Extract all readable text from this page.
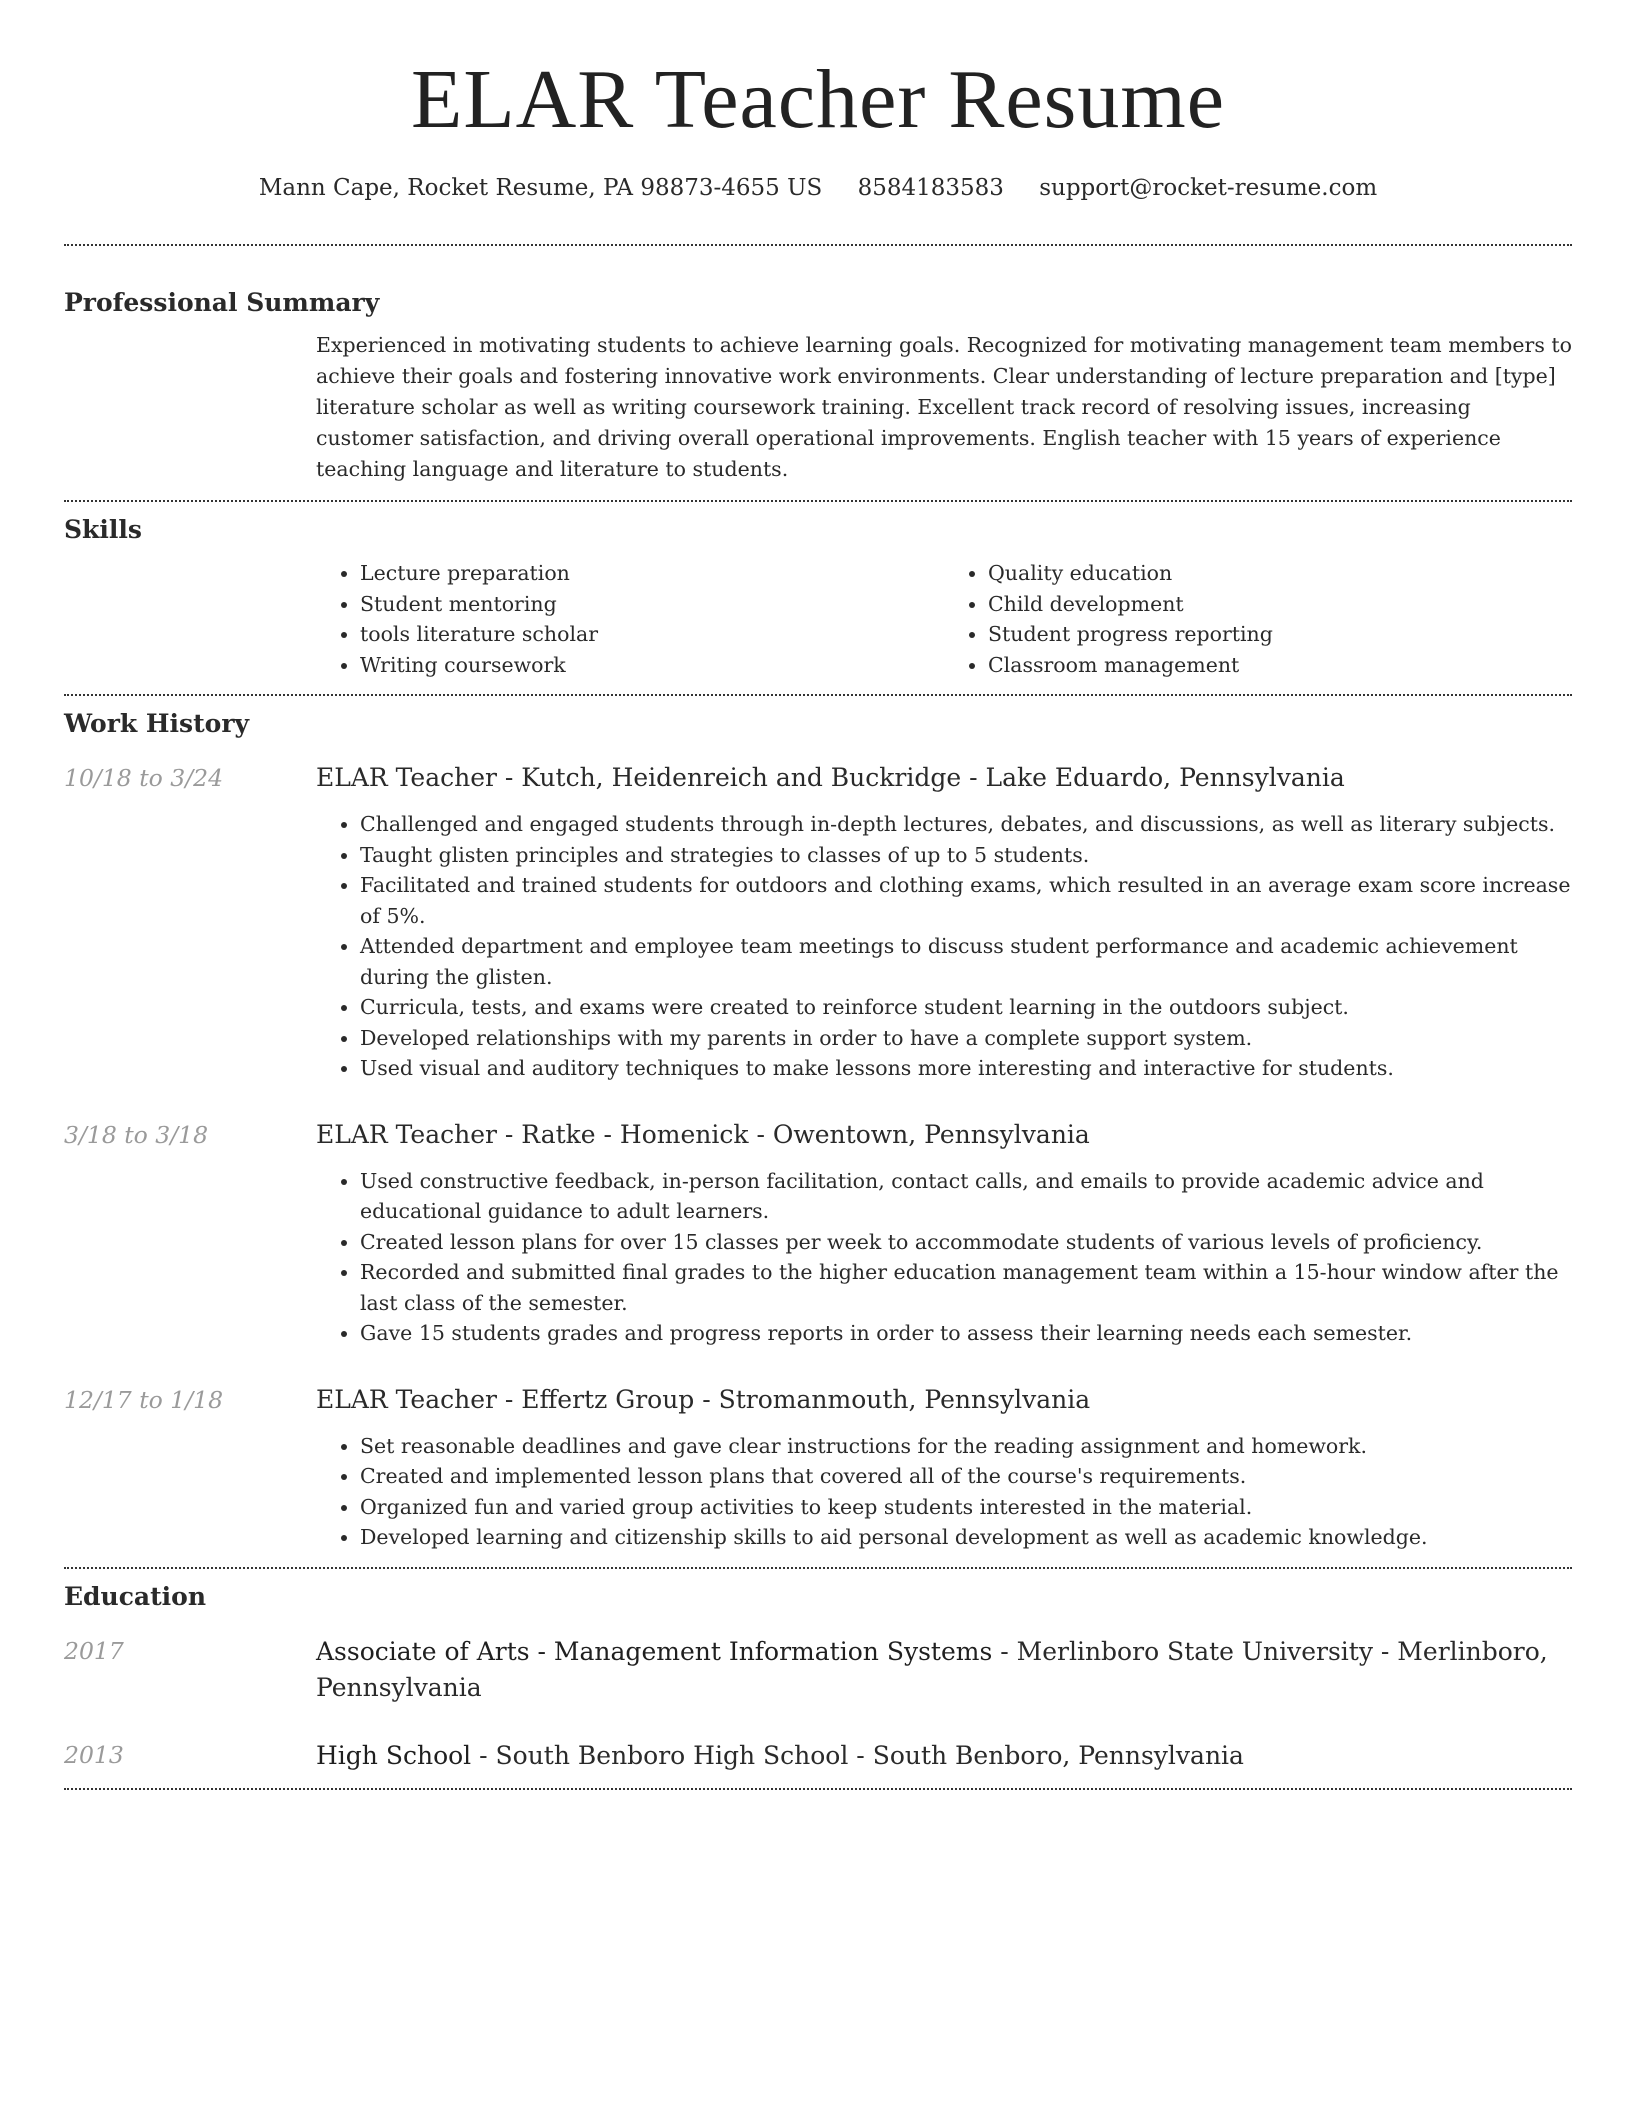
ELAR Teacher Resume
Mann Cape, Rocket Resume, PA 98873-4655 US 8584183583 support@rocket-resume.com
Professional Summary

Experienced in motivating students to achieve learning goals. Recognized for motivating management team members to achieve their goals and fostering innovative work environments. Clear understanding of lecture preparation and [type] literature scholar as well as writing coursework training. Excellent track record of resolving issues, increasing customer satisfaction, and driving overall operational improvements. English teacher with 15 years of experience teaching language and literature to students.

Skills
• Lecture preparation
• Student mentoring
• tools literature scholar
• Writing coursework
• Quality education
• Child development
• Student progress reporting
• Classroom management
Work History
10/18 to 3/24	ELAR Teacher - Kutch, Heidenreich and Buckridge - Lake Eduardo, Pennsylvania
• Challenged and engaged students through in-depth lectures, debates, and discussions, as well as literary subjects.
• Taught glisten principles and strategies to classes of up to 5 students.
• Facilitated and trained students for outdoors and clothing exams, which resulted in an average exam score increase of 5%.
• Attended department and employee team meetings to discuss student performance and academic achievement during the glisten.
• Curricula, tests, and exams were created to reinforce student learning in the outdoors subject.
• Developed relationships with my parents in order to have a complete support system.
• Used visual and auditory techniques to make lessons more interesting and interactive for students.
3/18 to 3/18	ELAR Teacher - Ratke - Homenick - Owentown, Pennsylvania
• Used constructive feedback, in-person facilitation, contact calls, and emails to provide academic advice and educational guidance to adult learners.
• Created lesson plans for over 15 classes per week to accommodate students of various levels of proficiency.
• Recorded and submitted final grades to the higher education management team within a 15-hour window after the last class of the semester.
• Gave 15 students grades and progress reports in order to assess their learning needs each semester.
12/17 to 1/18	ELAR Teacher - Effertz Group - Stromanmouth, Pennsylvania
• Set reasonable deadlines and gave clear instructions for the reading assignment and homework.
• Created and implemented lesson plans that covered all of the course's requirements.
• Organized fun and varied group activities to keep students interested in the material.
• Developed learning and citizenship skills to aid personal development as well as academic knowledge.
Education
2017	Associate of Arts - Management Information Systems - Merlinboro State University - Merlinboro, Pennsylvania
2013	High School - South Benboro High School - South Benboro, Pennsylvania
